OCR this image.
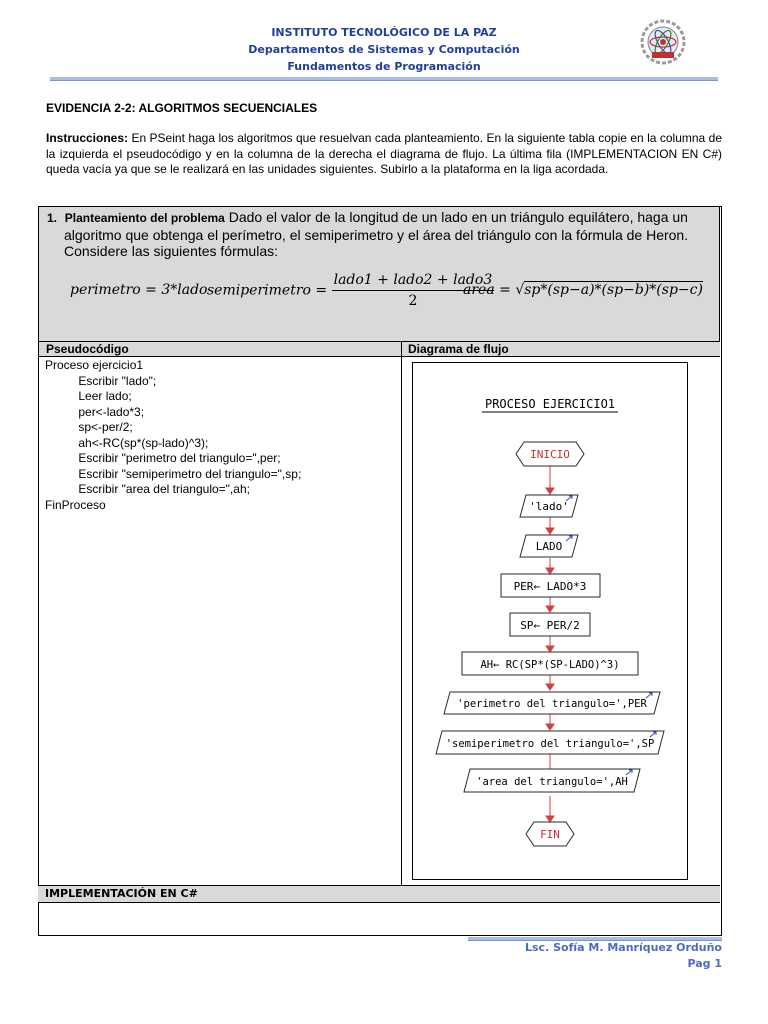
INSTITUTO TECNOLÓGICO DE LA PAZ
Departamentos de Sistemas y Computación
Fundamentos de Programación
EVIDENCIA 2-2: ALGORITMOS SECUENCIALES
Instrucciones: En PSeint haga los algoritmos que resuelvan cada planteamiento. En la siguiente tabla copie en la columna de la izquierda el pseudocódigo y en la columna de la derecha el diagrama de flujo. La última fila (IMPLEMENTACION EN C#) queda vacía ya que se le realizará en las unidades siguientes. Subirlo a la plataforma en la liga acordada.
1. Planteamiento del problema Dado el valor de la longitud de un lado en un triángulo equilátero, haga un
algoritmo que obtenga el perímetro, el semiperimetro y el área del triángulo con la fórmula de Heron.
Considere las siguientes fórmulas:
perimetro = 3*lado semiperimetro = $\frac{\text{lado1 + lado2 + lado3}}{2}$
area = √sp*(sp−a)*(sp−b)*(sp−c)
Pseudocódigo	Diagrama de flujo
Proceso ejercicio1
Escribir "lado";
Leer lado;
per<-lado*3;
sp<-per/2;
ah<-RC(sp*(sp-lado)^3);
Escribir "perimetro del triangulo=",per;
Escribir "semiperimetro del triangulo=",sp;
Escribir "area del triangulo=",ah;
FinProceso
PROCESO EJERCICIO1
INICIO
'lado'
LADO
PER← LADO*3
SP← PER/2
AH← RC(SP*(SP-LADO)^3)
'perimetro del triangulo=',PER
'semiperimetro del triangulo=',SP
'area del triangulo=',AH
FIN
IMPLEMENTACIÓN EN C#
Lsc. Sofía M. Manríquez Orduño
Pag 1
